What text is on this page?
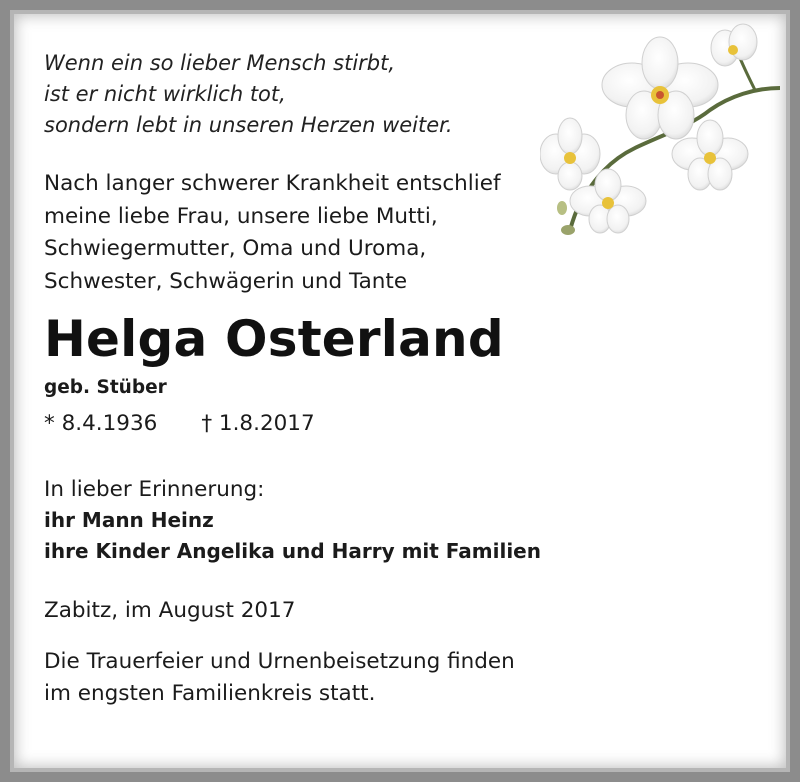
Wenn ein so lieber Mensch stirbt,
ist er nicht wirklich tot,
sondern lebt in unseren Herzen weiter.

Nach langer schwerer Krankheit entschlief
meine liebe Frau, unsere liebe Mutti,
Schwiegermutter, Oma und Uroma,
Schwester, Schwägerin und Tante
Helga Osterland
geb. Stüber
* 8.4.1936 † 1.8.2017
In lieber Erinnerung:
ihr Mann Heinz
ihre Kinder Angelika und Harry mit Familien
Zabitz, im August 2017
Die Trauerfeier und Urnenbeisetzung finden
im engsten Familienkreis statt.
